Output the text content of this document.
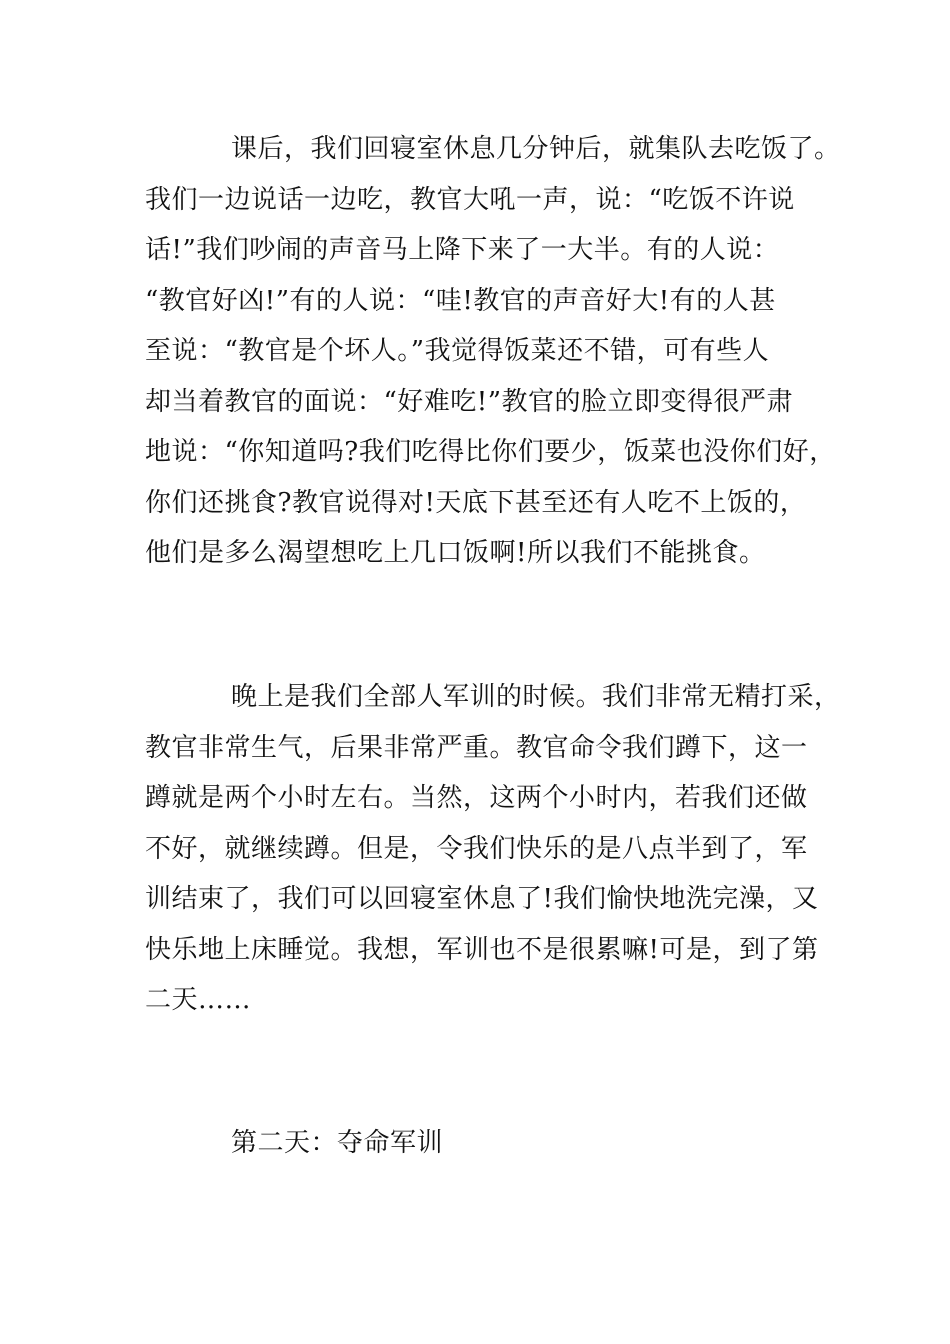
课后，我们回寝室休息几分钟后，就集队去吃饭了。
我们一边说话一边吃，教官大吼一声，说：“吃饭不许说
话!”我们吵闹的声音马上降下来了一大半。有的人说：
“教官好凶!”有的人说：“哇!教官的声音好大!有的人甚
至说：“教官是个坏人。”我觉得饭菜还不错，可有些人
却当着教官的面说：“好难吃!”教官的脸立即变得很严肃
地说：“你知道吗?我们吃得比你们要少，饭菜也没你们好，
你们还挑食?教官说得对!天底下甚至还有人吃不上饭的，
他们是多么渴望想吃上几口饭啊!所以我们不能挑食。

晚上是我们全部人军训的时候。我们非常无精打采，
教官非常生气，后果非常严重。教官命令我们蹲下，这一
蹲就是两个小时左右。当然，这两个小时内，若我们还做
不好，就继续蹲。但是，令我们快乐的是八点半到了，军
训结束了，我们可以回寝室休息了!我们愉快地洗完澡，又
快乐地上床睡觉。我想，军训也不是很累嘛!可是，到了第
二天……

第二天：夺命军训
